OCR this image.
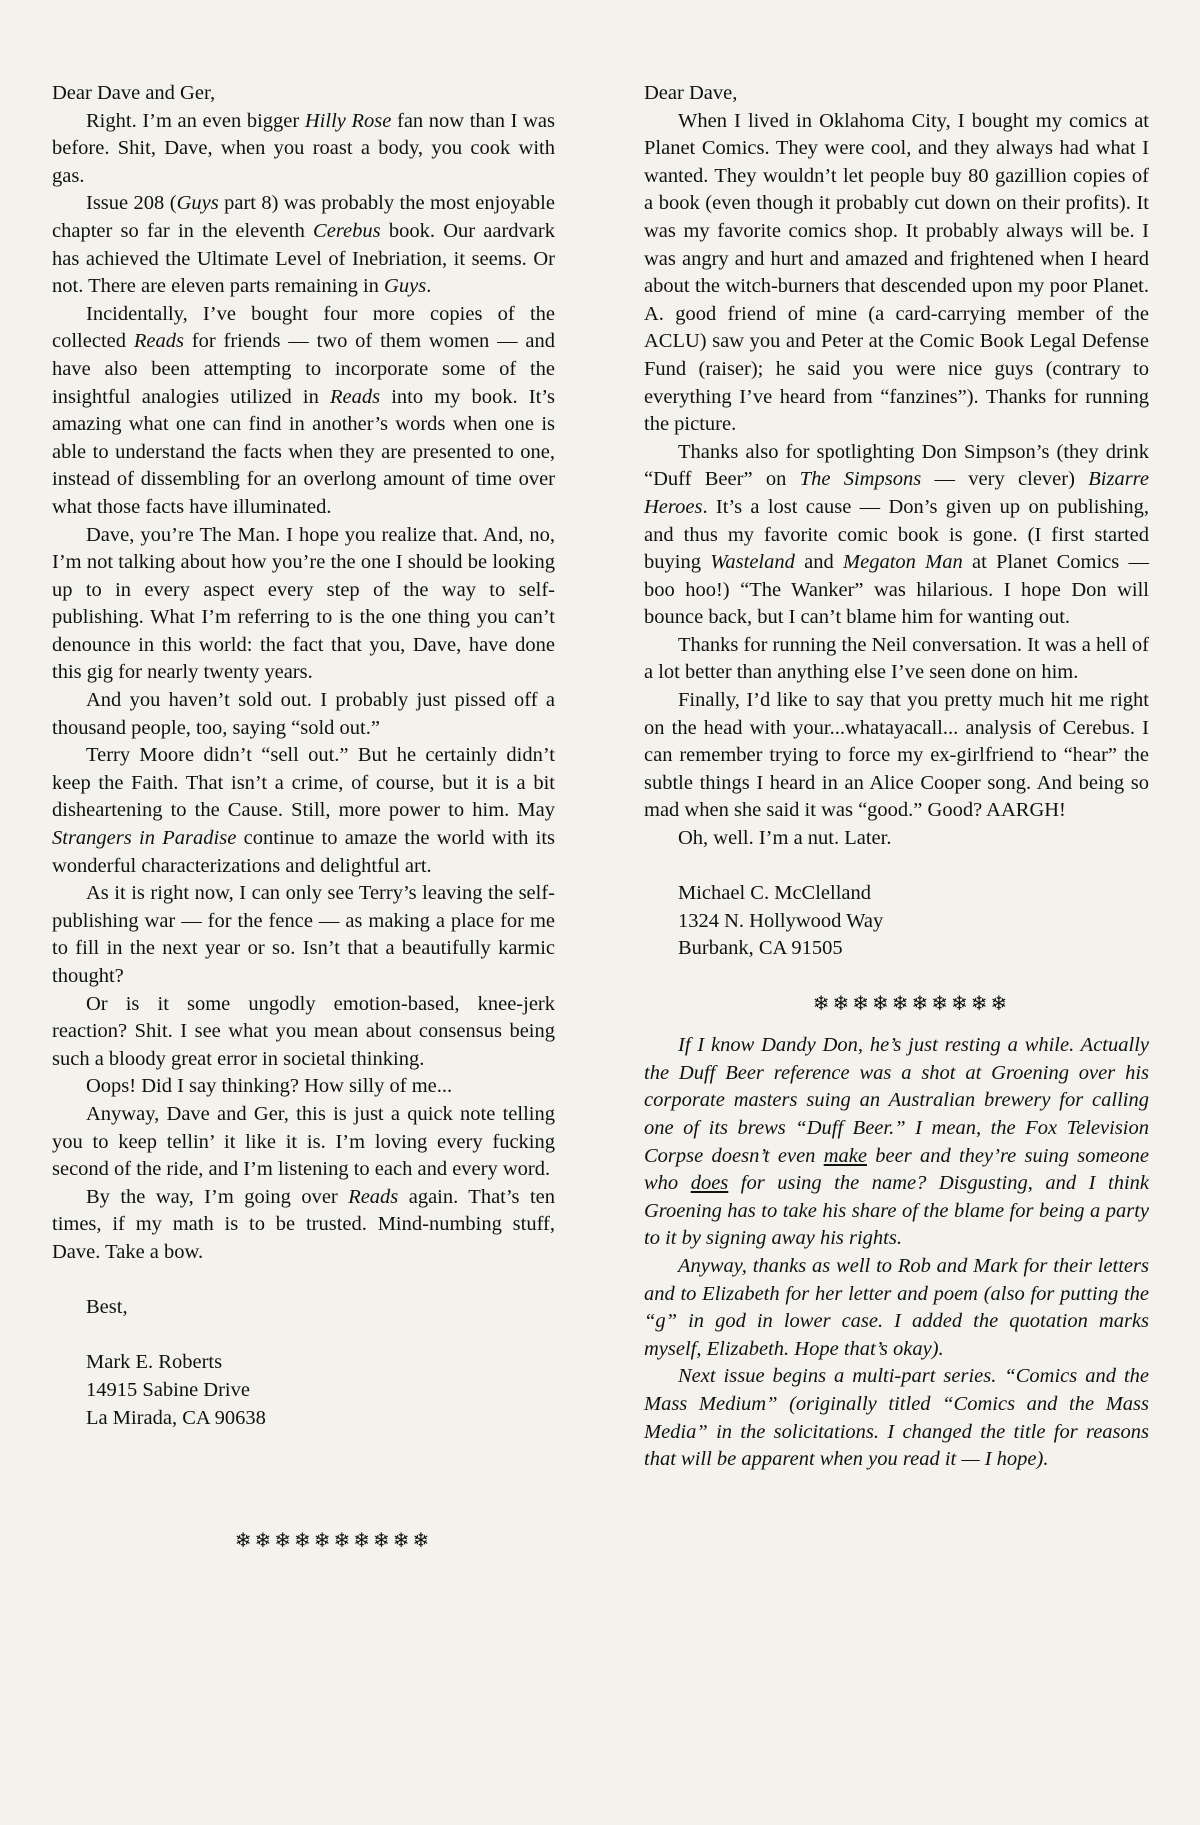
Dear Dave and Ger,

Right. I’m an even bigger Hilly Rose fan now than I was before. Shit, Dave, when you roast a body, you cook with gas.

Issue 208 (Guys part 8) was probably the most enjoyable chapter so far in the eleventh Cerebus book. Our aardvark has achieved the Ultimate Level of Inebriation, it seems. Or not. There are eleven parts remaining in Guys.

Incidentally, I’ve bought four more copies of the collected Reads for friends — two of them women — and have also been attempting to incorporate some of the insightful analogies utilized in Reads into my book. It’s amazing what one can find in another’s words when one is able to understand the facts when they are presented to one, instead of dissembling for an overlong amount of time over what those facts have illuminated.

Dave, you’re The Man. I hope you realize that. And, no, I’m not talking about how you’re the one I should be looking up to in every aspect every step of the way to self-publishing. What I’m referring to is the one thing you can’t denounce in this world: the fact that you, Dave, have done this gig for nearly twenty years.

And you haven’t sold out. I probably just pissed off a thousand people, too, saying “sold out.”

Terry Moore didn’t “sell out.” But he certainly didn’t keep the Faith. That isn’t a crime, of course, but it is a bit disheartening to the Cause. Still, more power to him. May Strangers in Paradise continue to amaze the world with its wonderful characterizations and delightful art.

As it is right now, I can only see Terry’s leaving the self-publishing war — for the fence — as making a place for me to fill in the next year or so. Isn’t that a beautifully karmic thought?

Or is it some ungodly emotion-based, knee-jerk reaction? Shit. I see what you mean about consensus being such a bloody great error in societal thinking.

Oops! Did I say thinking? How silly of me...

Anyway, Dave and Ger, this is just a quick note telling you to keep tellin’ it like it is. I’m loving every fucking second of the ride, and I’m listening to each and every word.

By the way, I’m going over Reads again. That’s ten times, if my math is to be trusted. Mind-numbing stuff, Dave. Take a bow.

Best,

Mark E. Roberts

14915 Sabine Drive

La Mirada, CA 90638

❄❄❄❄❄❄❄❄❄❄

Dear Dave,

When I lived in Oklahoma City, I bought my comics at Planet Comics. They were cool, and they always had what I wanted. They wouldn’t let people buy 80 gazillion copies of a book (even though it probably cut down on their profits). It was my favorite comics shop. It probably always will be. I was angry and hurt and amazed and frightened when I heard about the witch-burners that descended upon my poor Planet. A. good friend of mine (a card-carrying member of the ACLU) saw you and Peter at the Comic Book Legal Defense Fund (raiser); he said you were nice guys (contrary to everything I’ve heard from “fanzines”). Thanks for running the picture.

Thanks also for spotlighting Don Simpson’s (they drink “Duff Beer” on The Simpsons — very clever) Bizarre Heroes. It’s a lost cause — Don’s given up on publishing, and thus my favorite comic book is gone. (I first started buying Wasteland and Megaton Man at Planet Comics — boo hoo!) “The Wanker” was hilarious. I hope Don will bounce back, but I can’t blame him for wanting out.

Thanks for running the Neil conversation. It was a hell of a lot better than anything else I’ve seen done on him.

Finally, I’d like to say that you pretty much hit me right on the head with your...whatayacall... analysis of Cerebus. I can remember trying to force my ex-girlfriend to “hear” the subtle things I heard in an Alice Cooper song. And being so mad when she said it was “good.” Good? AARGH!

Oh, well. I’m a nut. Later.

Michael C. McClelland

1324 N. Hollywood Way

Burbank, CA 91505

❄❄❄❄❄❄❄❄❄❄

If I know Dandy Don, he’s just resting a while. Actually the Duff Beer reference was a shot at Groening over his corporate masters suing an Australian brewery for calling one of its brews “Duff Beer.” I mean, the Fox Television Corpse doesn’t even make beer and they’re suing someone who does for using the name? Disgusting, and I think Groening has to take his share of the blame for being a party to it by signing away his rights.

Anyway, thanks as well to Rob and Mark for their letters and to Elizabeth for her letter and poem (also for putting the “g” in god in lower case. I added the quotation marks myself, Elizabeth. Hope that’s okay).

Next issue begins a multi-part series. “Comics and the Mass Medium” (originally titled “Comics and the Mass Media” in the solicitations. I changed the title for reasons that will be apparent when you read it — I hope).
